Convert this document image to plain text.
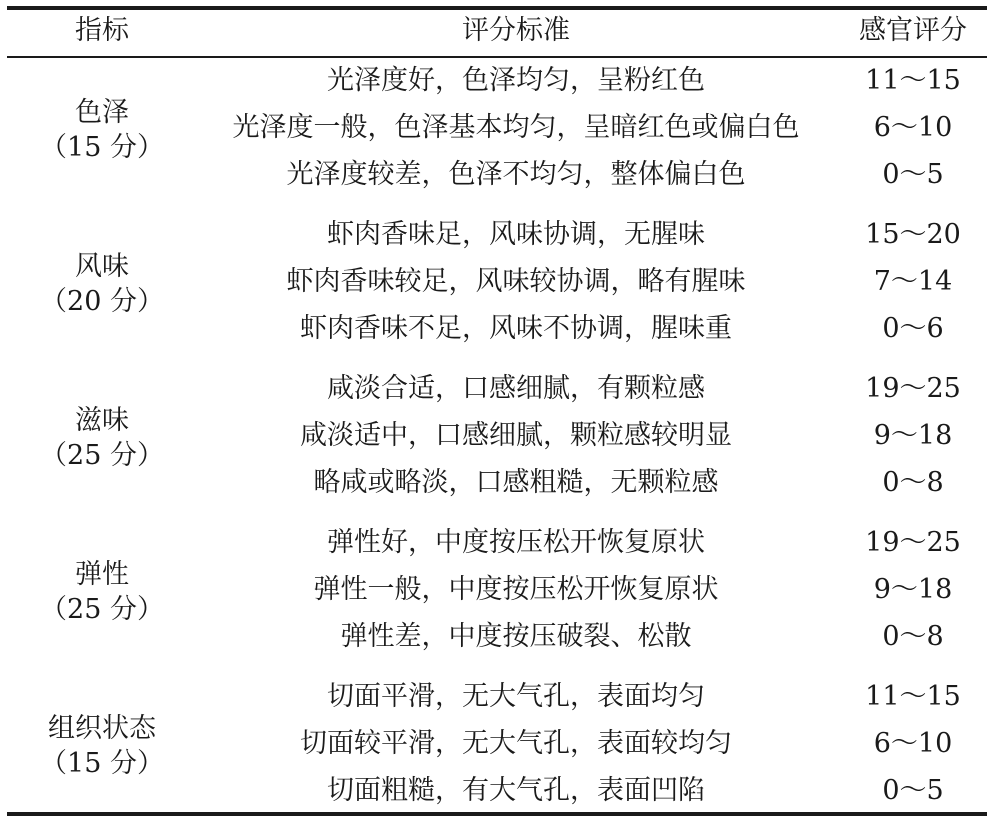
指标	评分标准	感官评分
色泽
（15 分）
光泽度好，色泽均匀，呈粉红色	11～15
光泽度一般，色泽基本均匀，呈暗红色或偏白色	6～10
光泽度较差，色泽不均匀，整体偏白色	0～5
风味
（20 分）
虾肉香味足，风味协调，无腥味	15～20
虾肉香味较足，风味较协调，略有腥味	7～14
虾肉香味不足，风味不协调，腥味重	0～6
滋味
（25 分）
咸淡合适，口感细腻，有颗粒感	19～25
咸淡适中，口感细腻，颗粒感较明显	9～18
略咸或略淡，口感粗糙，无颗粒感	0～8
弹性
（25 分）
弹性好，中度按压松开恢复原状	19～25
弹性一般，中度按压松开恢复原状	9～18
弹性差，中度按压破裂、松散	0～8
组织状态
（15 分）
切面平滑，无大气孔，表面均匀	11～15
切面较平滑，无大气孔，表面较均匀	6～10
切面粗糙，有大气孔，表面凹陷	0～5
